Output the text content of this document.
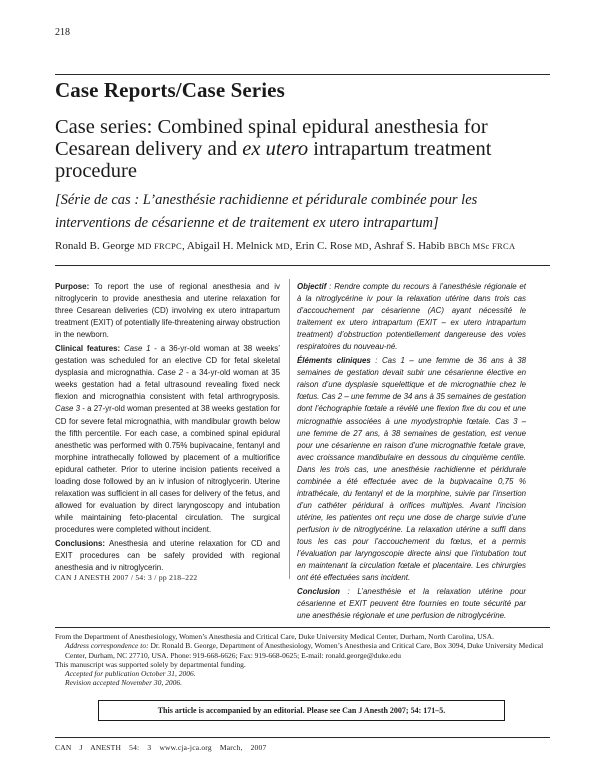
218
Case Reports/Case Series
Case series: Combined spinal epidural anesthesia for Cesarean delivery and ex utero intrapartum treatment procedure
[Série de cas : L’anesthésie rachidienne et péridurale combinée pour les interventions de césarienne et de traitement ex utero intrapartum]
Ronald B. George MD FRCPC, Abigail H. Melnick MD, Erin C. Rose MD, Ashraf S. Habib BBCh MSc FRCA

Purpose: To report the use of regional anesthesia and iv nitroglycerin to provide anesthesia and uterine relaxation for three Cesarean deliveries (CD) involving ex utero intrapartum treatment (EXIT) of potentially life-threatening airway obstruction in the newborn.

Clinical features: Case 1 - a 36-yr-old woman at 38 weeks’ gestation was scheduled for an elective CD for fetal skeletal dysplasia and micrognathia. Case 2 - a 34-yr-old woman at 35 weeks gestation had a fetal ultrasound revealing fixed neck flexion and micrognathia consistent with fetal arthrogryposis. Case 3 - a 27-yr-old woman presented at 38 weeks gestation for CD for severe fetal micrognathia, with mandibular growth below the fifth percentile. For each case, a combined spinal epidural anesthetic was performed with 0.75% bupivacaine, fentanyl and morphine intrathecally followed by placement of a multiorifice epidural catheter. Prior to uterine incision patients received a loading dose followed by an iv infusion of nitroglycerin. Uterine relaxation was sufficient in all cases for delivery of the fetus, and allowed for evaluation by direct laryngoscopy and intubation while maintaining feto-placental circulation. The surgical procedures were completed without incident.

Conclusions: Anesthesia and uterine relaxation for CD and EXIT procedures can be safely provided with regional anesthesia and iv nitroglycerin.

Objectif : Rendre compte du recours à l’anesthésie régionale et à la nitroglycérine iv pour la relaxation utérine dans trois cas d’accouchement par césarienne (AC) ayant nécessité le traitement ex utero intrapartum (EXIT – ex utero intrapartum treatment) d’obstruction potentiellement dangereuse des voies respiratoires du nouveau-né.

Éléments cliniques : Cas 1 – une femme de 36 ans à 38 semaines de gestation devait subir une césarienne élective en raison d’une dysplasie squelettique et de micrognathie chez le fœtus. Cas 2 – une femme de 34 ans à 35 semaines de gestation dont l’échographie fœtale a révélé une flexion fixe du cou et une micrognathie associées à une myodystrophie fœtale. Cas 3 – une femme de 27 ans, à 38 semaines de gestation, est venue pour une césarienne en raison d’une micrognathie fœtale grave, avec croissance mandibulaire en dessous du cinquième centile. Dans les trois cas, une anesthésie rachidienne et péridurale combinée a été effectuée avec de la bupivacaïne 0,75 % intrathécale, du fentanyl et de la morphine, suivie par l’insertion d’un cathéter péridural à orifices multiples. Avant l’incision utérine, les patientes ont reçu une dose de charge suivie d’une perfusion iv de nitroglycérine. La relaxation utérine a suffi dans tous les cas pour l’accouchement du fœtus, et a permis l’évaluation par laryngoscopie directe ainsi que l’intubation tout en maintenant la circulation fœtale et placentaire. Les chirurgies ont été effectuées sans incident.

Conclusion : L’anesthésie et la relaxation utérine pour césarienne et EXIT peuvent être fournies en toute sécurité par une anesthésie régionale et une perfusion de nitroglycérine.

CAN J ANESTH 2007 / 54: 3 / pp 218–222

From the Department of Anesthesiology, Women’s Anesthesia and Critical Care, Duke University Medical Center, Durham, North Carolina, USA.

Address correspondence to: Dr. Ronald B. George, Department of Anesthesiology, Women’s Anesthesia and Critical Care, Box 3094, Duke University Medical Center, Durham, NC 27710, USA. Phone: 919-668-6626; Fax: 919-668-0625; E-mail: ronald.george@duke.edu

This manuscript was supported solely by departmental funding.

Accepted for publication October 31, 2006.

Revision accepted November 30, 2006.

This article is accompanied by an editorial. Please see Can J Anesth 2007; 54: 171–5.
CAN J ANESTH 54: 3 www.cja-jca.org March, 2007
